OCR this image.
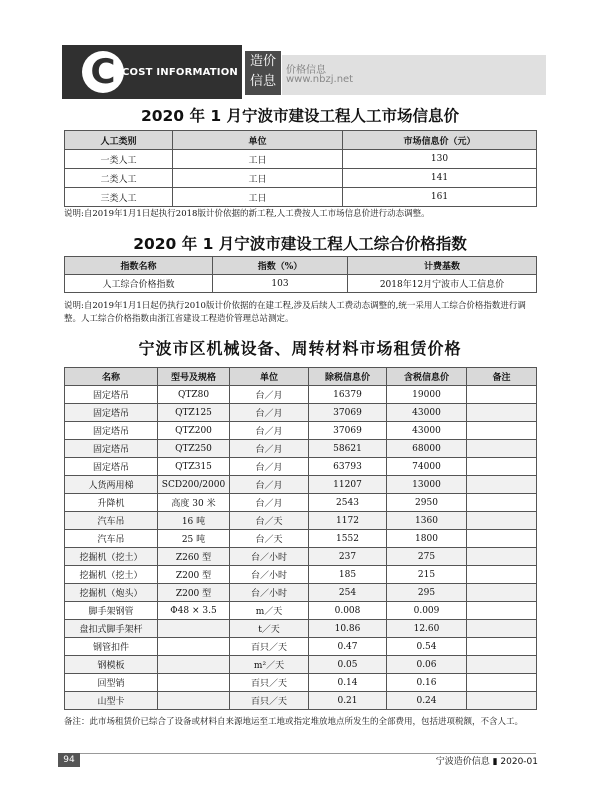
C COST INFORMATION
造价信息
价格信息
www.nbzj.net
2020 年 1 月宁波市建设工程人工市场信息价
人工类别	单位	市场信息价（元）
一类人工	工日	130
二类人工	工日	141
三类人工	工日	161
说明:自2019年1月1日起执行2018版计价依据的新工程,人工费按人工市场信息价进行动态调整。
2020 年 1 月宁波市建设工程人工综合价格指数
指数名称	指数（%）	计费基数
人工综合价格指数	103	2018年12月宁波市人工信息价
说明:自2019年1月1日起仍执行2010版计价依据的在建工程,涉及后续人工费动态调整的,统一采用人工综合价格指数进行调整。人工综合价格指数由浙江省建设工程造价管理总站测定。
宁波市区机械设备、周转材料市场租赁价格
名称	型号及规格	单位	除税信息价	含税信息价	备注
固定塔吊	QTZ80	台／月	16379	19000	
固定塔吊	QTZ125	台／月	37069	43000	
固定塔吊	QTZ200	台／月	37069	43000	
固定塔吊	QTZ250	台／月	58621	68000	
固定塔吊	QTZ315	台／月	63793	74000	
人货两用梯	SCD200/2000	台／月	11207	13000	
升降机	高度 30 米	台／月	2543	2950	
汽车吊	16 吨	台／天	1172	1360	
汽车吊	25 吨	台／天	1552	1800	
挖掘机（挖土）	Z260 型	台／小时	237	275	
挖掘机（挖土）	Z200 型	台／小时	185	215	
挖掘机（炮头）	Z200 型	台／小时	254	295	
脚手架钢管	Φ48 × 3.5	m／天	0.008	0.009	
盘扣式脚手架杆		t／天	10.86	12.60	
钢管扣件		百只／天	0.47	0.54	
钢模板		m²／天	0.05	0.06	
回型销		百只／天	0.14	0.16	
山型卡		百只／天	0.21	0.24	
备注：此市场租赁价已综合了设备或材料自来源地运至工地或指定堆放地点所发生的全部费用，包括进项税额，不含人工。
94	宁波造价信息 ▮ 2020-01
